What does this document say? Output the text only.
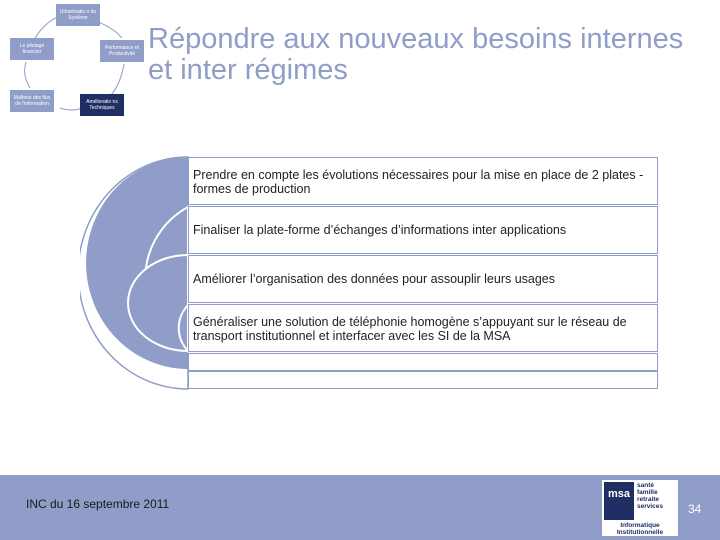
Urbanisatio n du Système
Performance et Productivité
Amélioratio ns Techniques
Maîtrise des flux de l'information
Le pilotage financier	Répondre aux nouveaux besoins internes et inter régimes
Prendre en compte les évolutions nécessaires pour la mise en place de 2 plates -formes de production
Finaliser la plate-forme d’échanges d’informations inter applications
Améliorer l’organisation des données pour assouplir leurs usages
Généraliser une solution de téléphonie homogène s’appuyant sur le réseau de transport institutionnel et interfacer avec les SI de la MSA
INC du 16 septembre 2011
msa
santé
famille
retraite
services
Informatique
Institutionnelle
34
